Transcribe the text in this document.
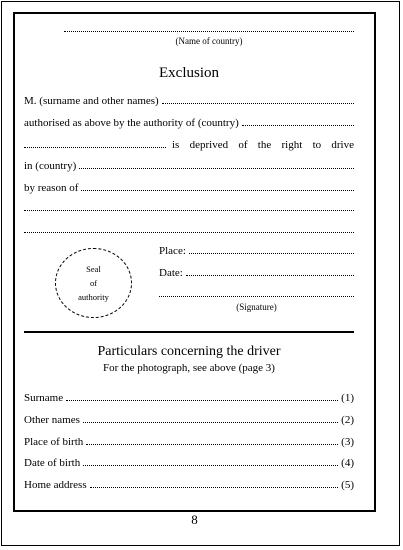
(Name of country)
Exclusion
M. (surname and other names)
authorised as above by the authority of (country)
is deprived of the right to drive
in (country)
by reason of
Seal
of
authority
Place:
Date:
(Signature)
Particulars concerning the driver
For the photograph, see above (page 3)
Surname	(1)
Other names	(2)
Place of birth	(3)
Date of birth	(4)
Home address	(5)
8
